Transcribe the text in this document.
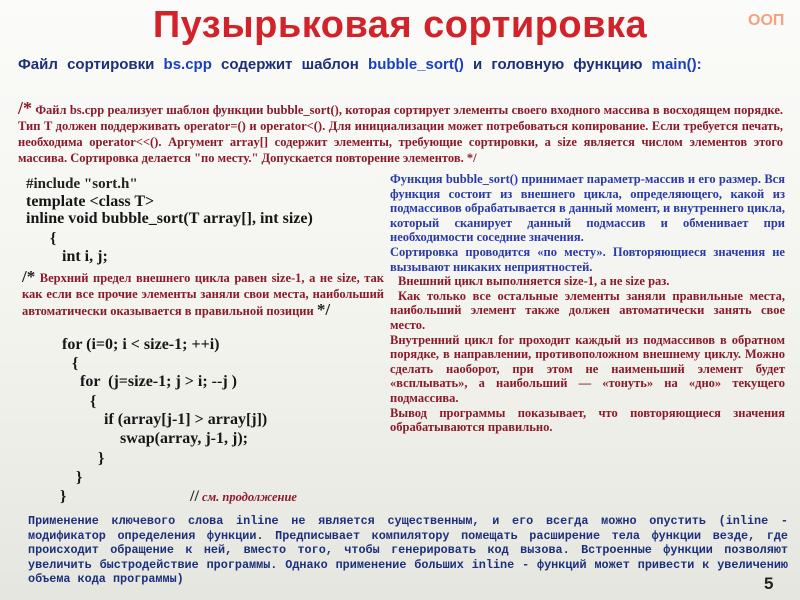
Пузырьковая сортировка	ООП
Файл сортировки bs.cpp содержит шаблон bubble_sort() и головную функцию main():
/* Файл bs.cpp реализует шаблон функции bubble_sort(), которая сортирует элементы своего входного массива в восходящем порядке. Тип T должен поддерживать operator=() и operator<(). Для инициализации может потребоваться копирование. Если требуется печать, необходима operator<<(). Аргумент array[] содержит элементы, требующие сортировки, а size является числом элементов этого массива. Сортировка делается "по месту." Допускается повторение элементов. */
#include "sort.h"
template <class T>
inline void bubble_sort(T array[], int size)
{
int i, j;
/* Верхний предел внешнего цикла равен size-1, а не size, так как если все прочие элементы заняли свои места, наибольший автоматически оказывается в правильной позиции */
for (i=0; i < size-1; ++i)
{
for  (j=size-1; j > i; --j )
{
if (array[j-1] > array[j])
swap(array, j-1, j);
}
}
}	// см. продолжение

Функция bubble_sort() принимает параметр-массив и его размер. Вся функция состоит из внешнего цикла, определяющего, какой из подмассивов обрабатывается в данный момент, и внутреннего цикла, который сканирует данный подмассив и обменивает при необходимости соседние значения.

Сортировка проводится «по месту». Повторяющиеся значения не вызывают никаких неприятностей.

Внешний цикл выполняется size-1, а не size раз.

Как только все остальные элементы заняли правильные места, наибольший элемент также должен автоматически занять свое место.

Внутренний цикл for проходит каждый из подмассивов в обратном порядке, в направлении, противоположном внешнему циклу. Можно сделать наоборот, при этом не наименьший элемент будет «всплывать», а наибольший — «тонуть» на «дно» текущего подмассива.

Вывод программы показывает, что повторяющиеся значения обрабатываются правильно.

Применение ключевого слова inline не является существенным, и его всегда можно опустить (inline - модификатор определения функции. Предписывает компилятору помещать расширение тела функции везде, где происходит обращение к ней, вместо того, чтобы генерировать код вызова. Встроенные функции позволяют увеличить быстродействие программы. Однако применение больших inline - функций может привести к увеличению объема кода программы)	5
